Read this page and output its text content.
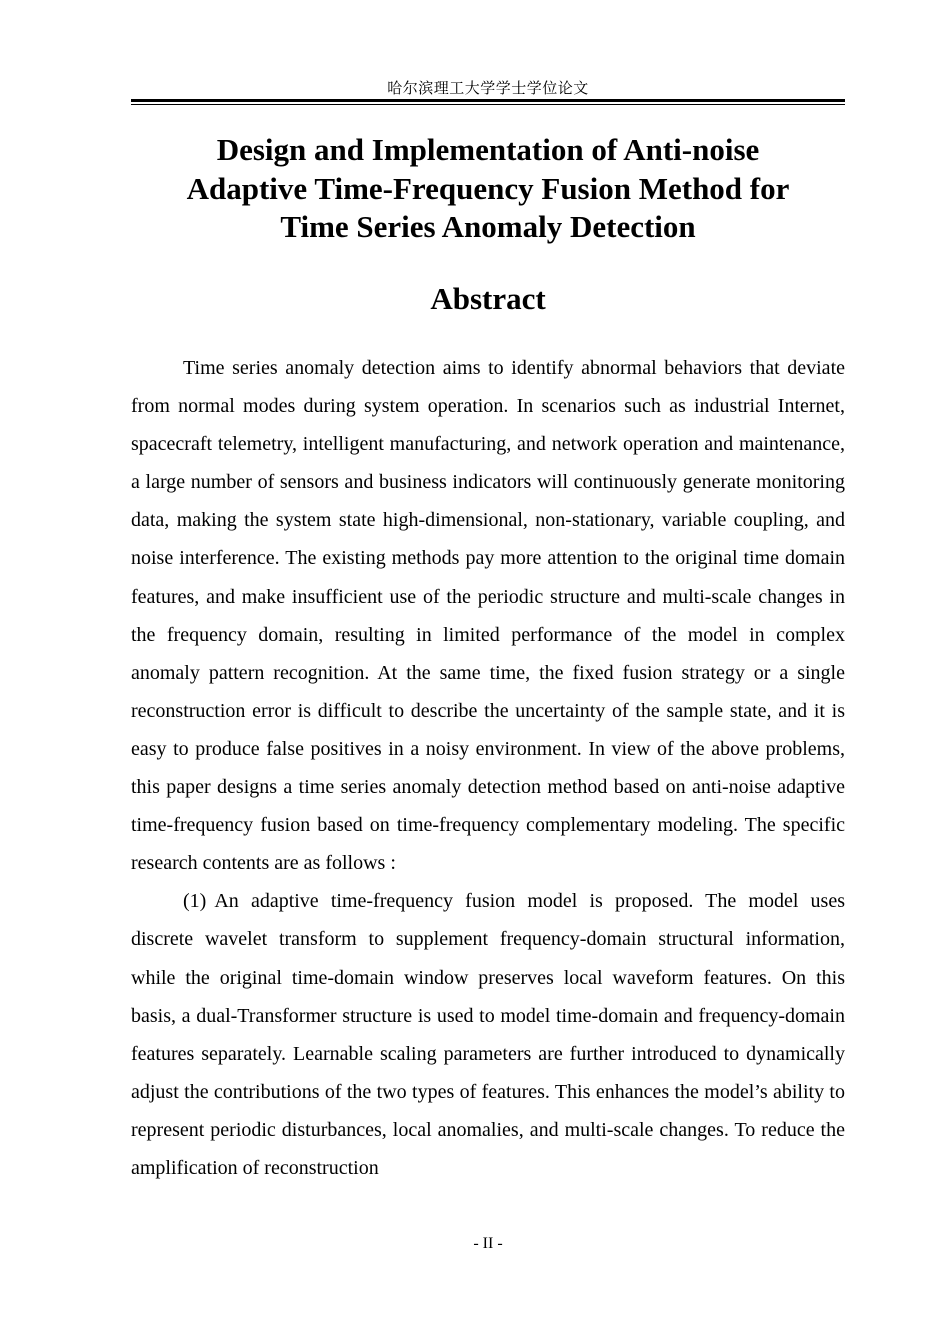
哈尔滨理工大学学士学位论文
Design and Implementation of Anti-noise
Adaptive Time-Frequency Fusion Method for
Time Series Anomaly Detection
Abstract

Time series anomaly detection aims to identify abnormal behaviors that deviate from normal modes during system operation. In scenarios such as industrial Internet, spacecraft telemetry, intelligent manufacturing, and network operation and maintenance, a large number of sensors and business indicators will continuously generate monitoring data, making the system state high-dimensional, non-stationary, variable coupling, and noise interference. The existing methods pay more attention to the original time domain features, and make insufficient use of the periodic structure and multi-scale changes in the frequency domain, resulting in limited performance of the model in complex anomaly pattern recognition. At the same time, the fixed fusion strategy or a single reconstruction error is difficult to describe the uncertainty of the sample state, and it is easy to produce false positives in a noisy environment. In view of the above problems, this paper designs a time series anomaly detection method based on anti-noise adaptive time-frequency fusion based on time-frequency complementary modeling. The specific research contents are as follows :

(1) An adaptive time-frequency fusion model is proposed. The model uses discrete wavelet transform to supplement frequency-domain structural information, while the original time-domain window preserves local waveform features. On this basis, a dual-Transformer structure is used to model time-domain and frequency-domain features separately. Learnable scaling parameters are further introduced to dynamically adjust the contributions of the two types of features. This enhances the model’s ability to represent periodic disturbances, local anomalies, and multi-scale changes. To reduce the amplification of reconstruction

- II -
